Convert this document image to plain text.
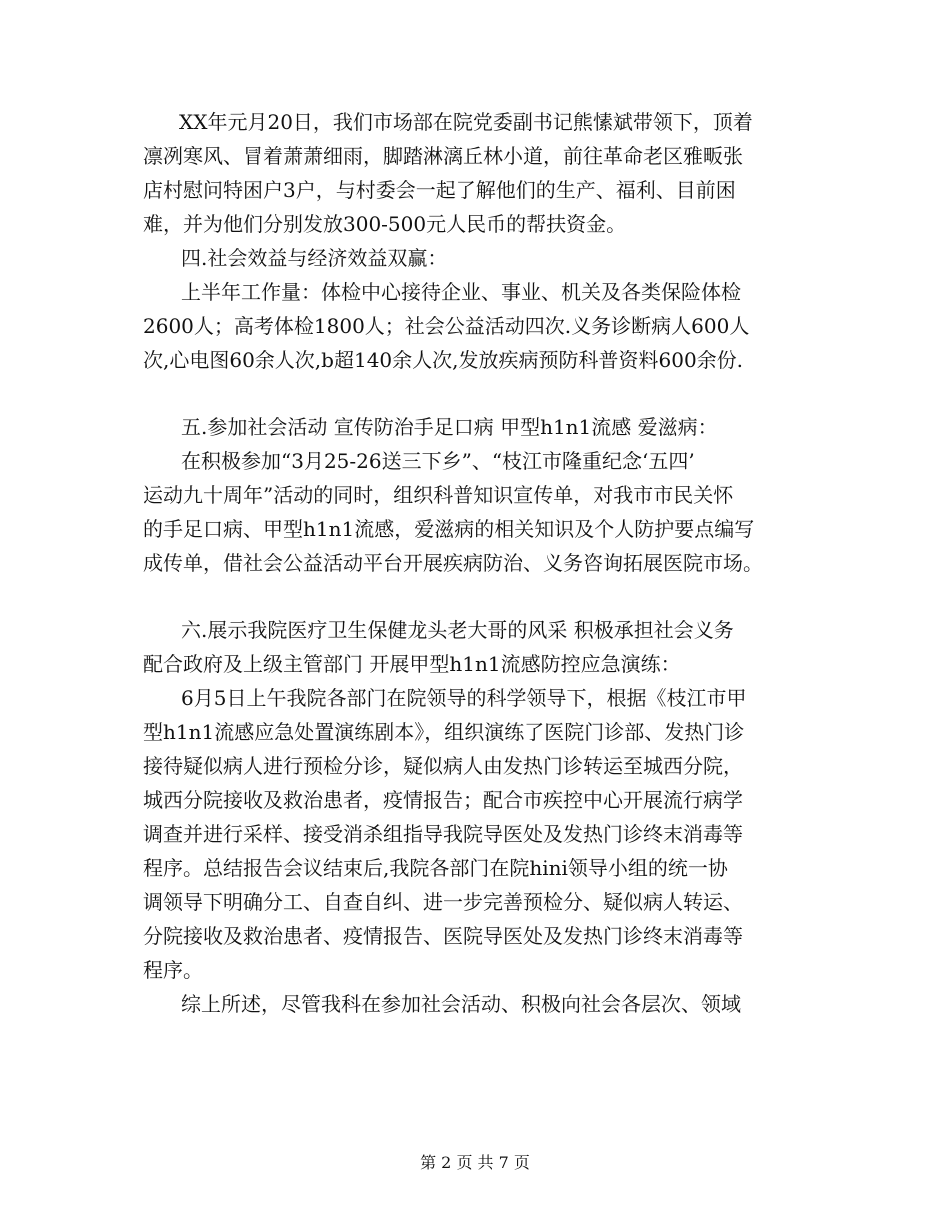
XX年元月20日，我们市场部在院党委副书记熊愫斌带领下，顶着
凛冽寒风、冒着萧萧细雨，脚踏淋漓丘林小道，前往革命老区雅畈张
店村慰问特困户3户，与村委会一起了解他们的生产、福利、目前困
难，并为他们分别发放300-500元人民币的帮扶资金。
四.社会效益与经济效益双赢：
上半年工作量：体检中心接待企业、事业、机关及各类保险体检
2600人；高考体检1800人；社会公益活动四次.义务诊断病人600人
次,心电图60余人次,b超140余人次,发放疾病预防科普资料600余份.
五.参加社会活动 宣传防治手足口病 甲型h1n1流感 爱滋病：
在积极参加“3月25-26送三下乡”、“枝江市隆重纪念‘五四’
运动九十周年”活动的同时，组织科普知识宣传单，对我市市民关怀
的手足口病、甲型h1n1流感，爱滋病的相关知识及个人防护要点编写
成传单，借社会公益活动平台开展疾病防治、义务咨询拓展医院市场。
六.展示我院医疗卫生保健龙头老大哥的风采 积极承担社会义务
配合政府及上级主管部门 开展甲型h1n1流感防控应急演练：
6月5日上午我院各部门在院领导的科学领导下，根据《枝江市甲
型h1n1流感应急处置演练剧本》，组织演练了医院门诊部、发热门诊
接待疑似病人进行预检分诊，疑似病人由发热门诊转运至城西分院，
城西分院接收及救治患者，疫情报告；配合市疾控中心开展流行病学
调查并进行采样、接受消杀组指导我院导医处及发热门诊终末消毒等
程序。总结报告会议结束后,我院各部门在院hini领导小组的统一协
调领导下明确分工、自查自纠、进一步完善预检分、疑似病人转运、
分院接收及救治患者、疫情报告、医院导医处及发热门诊终末消毒等
程序。
综上所述，尽管我科在参加社会活动、积极向社会各层次、领域
第 2 页 共 7 页
